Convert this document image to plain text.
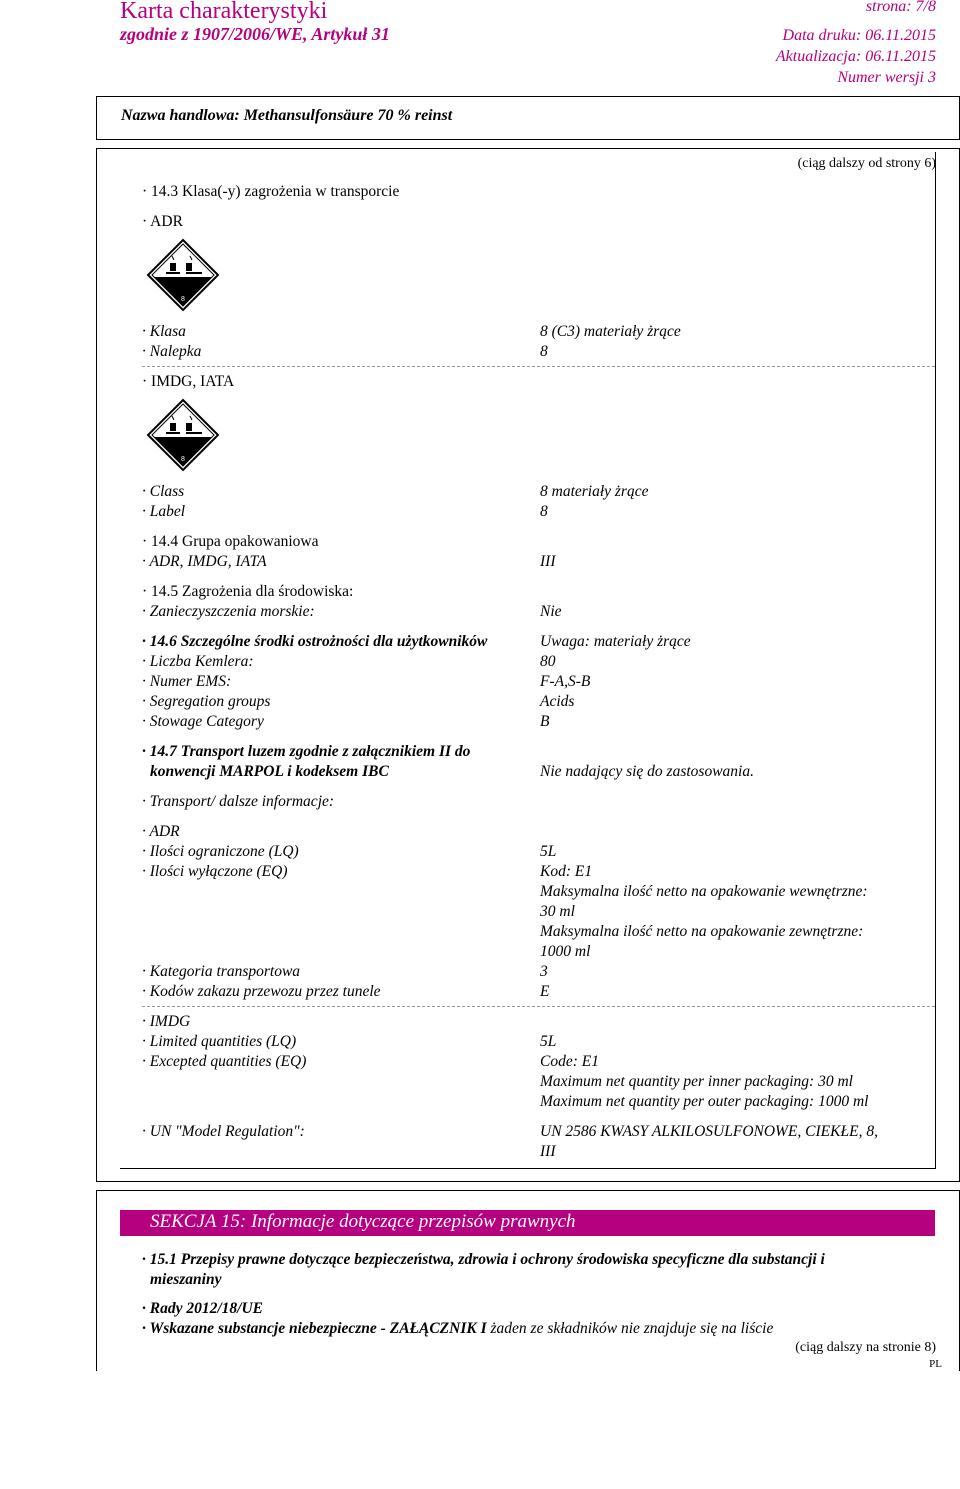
Karta charakterystyki
zgodnie z 1907/2006/WE, Artykuł 31
strona: 7/8
Data druku: 06.11.2015
Aktualizacja: 06.11.2015
Numer wersji 3
Nazwa handlowa: Methansulfonsäure 70 % reinst
(ciąg dalszy od strony 6)
· 14.3 Klasa(-y) zagrożenia w transporcie
· ADR
8
· Klasa	8 (C3) materiały żrące
· Nalepka	8
· IMDG, IATA
8
· Class	8 materiały żrące
· Label	8
· 14.4 Grupa opakowaniowa
· ADR, IMDG, IATA	III
· 14.5 Zagrożenia dla środowiska:
· Zanieczyszczenia morskie:	Nie
· 14.6 Szczególne środki ostrożności dla użytkowników	Uwaga: materiały żrące
· Liczba Kemlera:	80
· Numer EMS:	F-A,S-B
· Segregation groups	Acids
· Stowage Category	B
· 14.7 Transport luzem zgodnie z załącznikiem II do
konwencji MARPOL i kodeksem IBC	Nie nadający się do zastosowania.
· Transport/ dalsze informacje:
· ADR
· Ilości ograniczone (LQ)	5L
· Ilości wyłączone (EQ)	Kod: E1
Maksymalna ilość netto na opakowanie wewnętrzne:
30 ml
Maksymalna ilość netto na opakowanie zewnętrzne:
1000 ml
· Kategoria transportowa	3
· Kodów zakazu przewozu przez tunele	E
· IMDG
· Limited quantities (LQ)	5L
· Excepted quantities (EQ)	Code: E1
Maximum net quantity per inner packaging: 30 ml
Maximum net quantity per outer packaging: 1000 ml
· UN "Model Regulation":	UN 2586 KWASY ALKILOSULFONOWE, CIEKŁE, 8,
III
SEKCJA 15: Informacje dotyczące przepisów prawnych
· 15.1 Przepisy prawne dotyczące bezpieczeństwa, zdrowia i ochrony środowiska specyficzne dla substancji i
mieszaniny
· Rady 2012/18/UE
· Wskazane substancje niebezpieczne - ZAŁĄCZNIK I żaden ze składników nie znajduje się na liście
(ciąg dalszy na stronie 8)
PL
